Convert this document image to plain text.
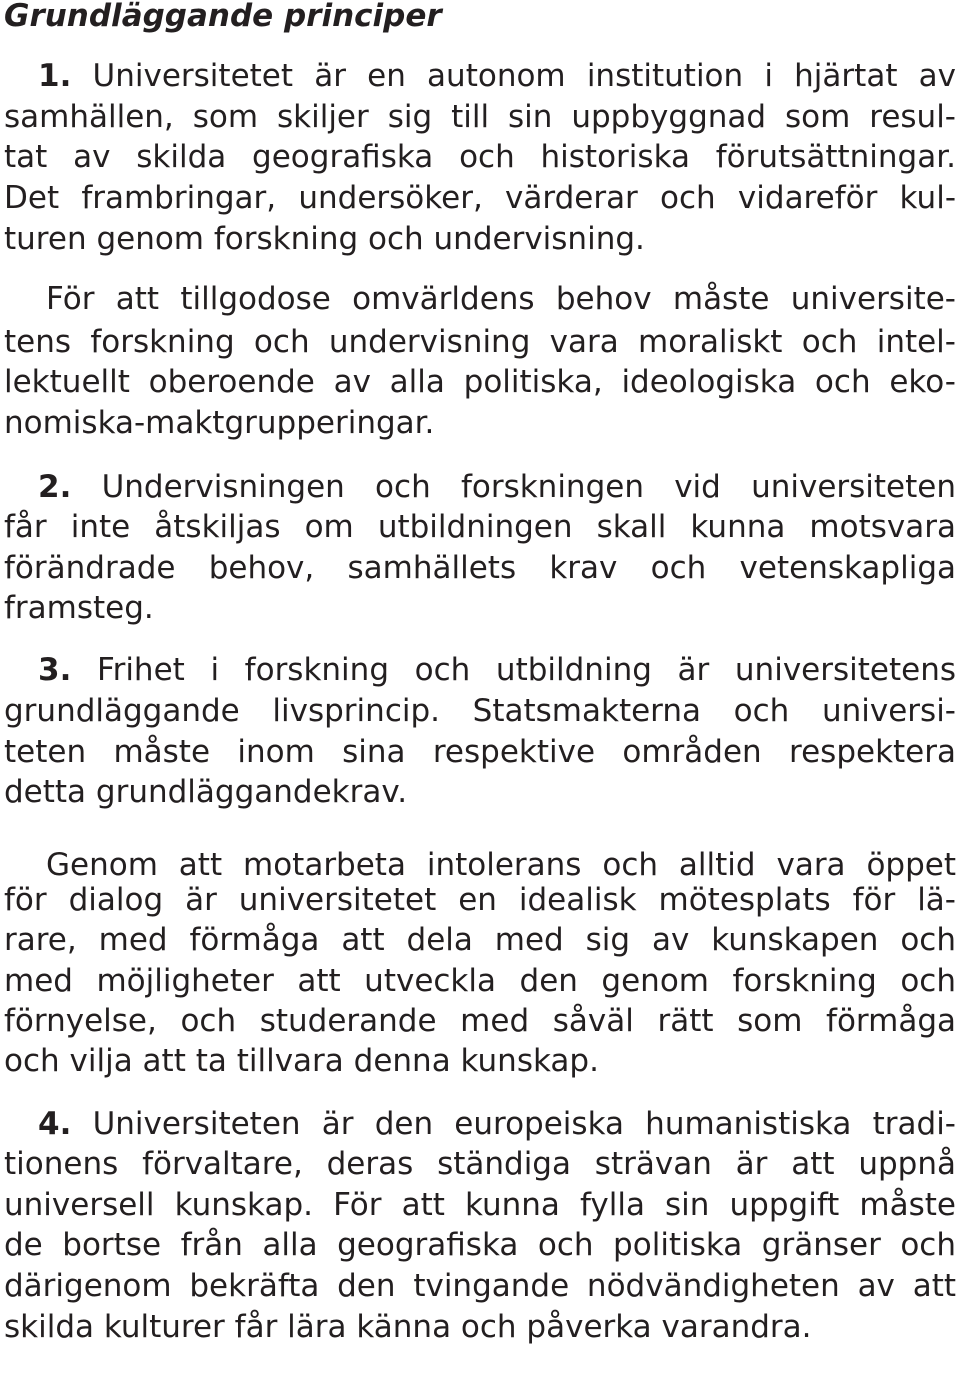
Grundläggande principer
1. Universitetet är en autonom institution i hjärtat av
samhällen, som skiljer sig till sin uppbyggnad som resul-
tat av skilda geografiska och historiska förutsättningar.
Det frambringar, undersöker, värderar och vidareför kul-
turen genom forskning och undervisning.
För att tillgodose omvärldens behov måste universite-
tens forskning och undervisning vara moraliskt och intel-
lektuellt oberoende av alla politiska, ideologiska och eko-
nomiska-maktgrupperingar.
2. Undervisningen och forskningen vid universiteten
får inte åtskiljas om utbildningen skall kunna motsvara
förändrade behov, samhällets krav och vetenskapliga
framsteg.
3. Frihet i forskning och utbildning är universitetens
grundläggande livsprincip. Statsmakterna och universi-
teten måste inom sina respektive områden respektera
detta grundläggandekrav.
Genom att motarbeta intolerans och alltid vara öppet
för dialog är universitetet en idealisk mötesplats för lä-
rare, med förmåga att dela med sig av kunskapen och
med möjligheter att utveckla den genom forskning och
förnyelse, och studerande med såväl rätt som förmåga
och vilja att ta tillvara denna kunskap.
4. Universiteten är den europeiska humanistiska tradi-
tionens förvaltare, deras ständiga strävan är att uppnå
universell kunskap. För att kunna fylla sin uppgift måste
de bortse från alla geografiska och politiska gränser och
därigenom bekräfta den tvingande nödvändigheten av att
skilda kulturer får lära känna och påverka varandra.
